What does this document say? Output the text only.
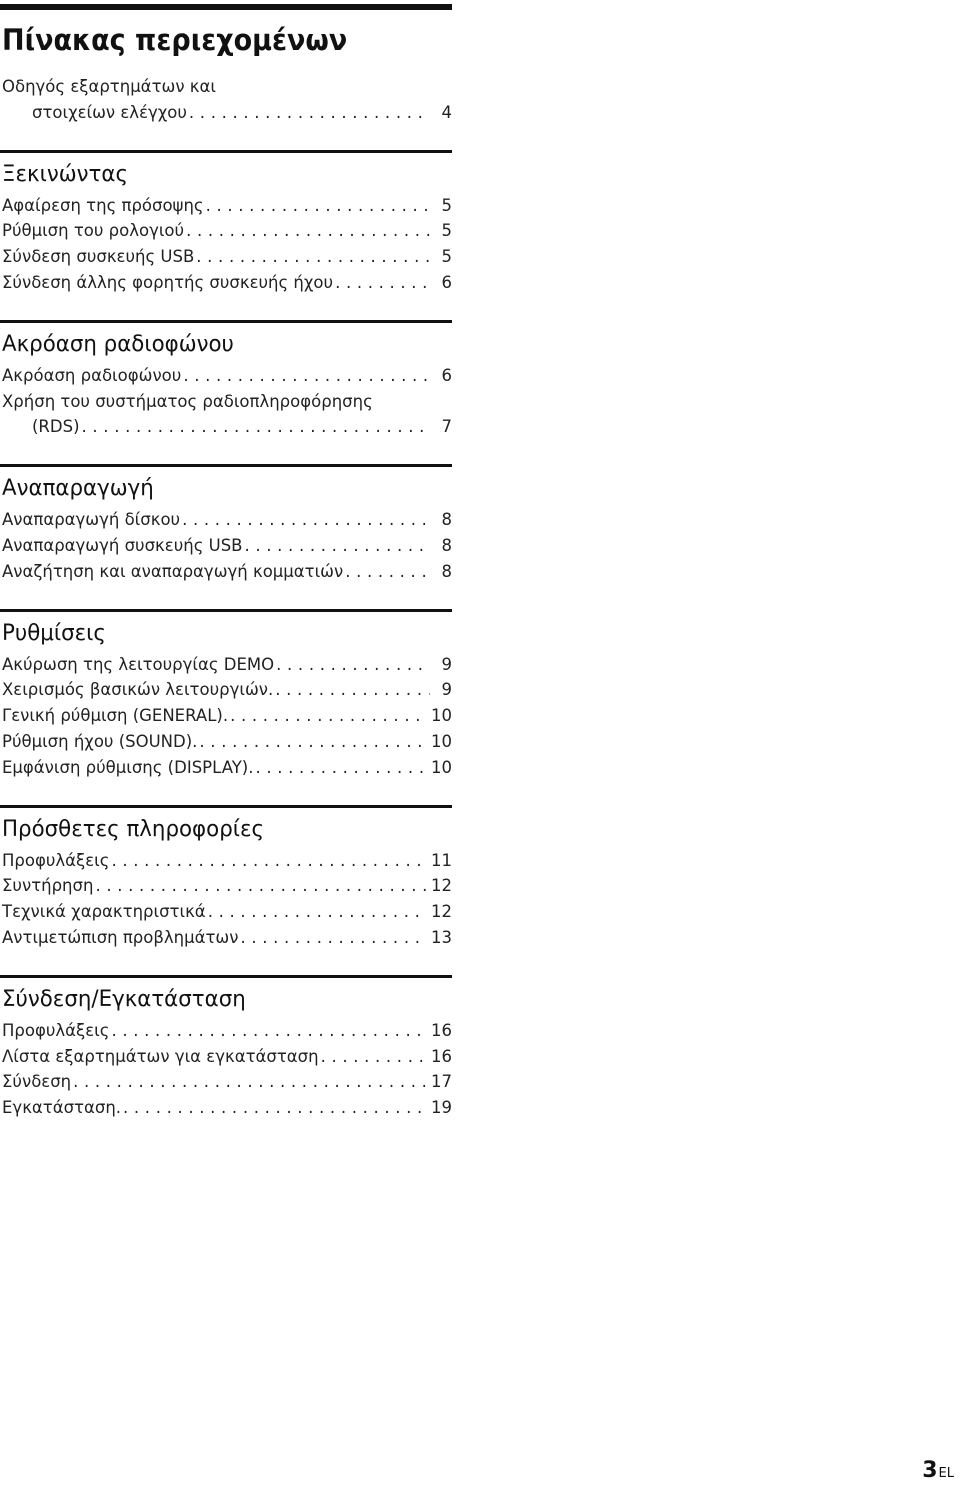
Πίνακας περιεχομένων
Οδηγός εξαρτημάτων και
στοιχείων ελέγχου . . .	4
Ξεκινώντας
Αφαίρεση της πρόσοψης . . .	5
Ρύθμιση του ρολογιού . . .	5
Σύνδεση συσκευής USB . . .	5
Σύνδεση άλλης φορητής συσκευής ήχου . . .	6
Ακρόαση ραδιοφώνου
Ακρόαση ραδιοφώνου . . .	6
Χρήση του συστήματος ραδιοπληροφόρησης
(RDS) . . .	7
Αναπαραγωγή
Αναπαραγωγή δίσκου . . .	8
Αναπαραγωγή συσκευής USB . . .	8
Αναζήτηση και αναπαραγωγή κομματιών . . .	8
Ρυθμίσεις
Ακύρωση της λειτουργίας DEMO . . .	9
Χειρισμός βασικών λειτουργιών. . . .	9
Γενική ρύθμιση (GENERAL). . . .	10
Ρύθμιση ήχου (SOUND). . . .	10
Εμφάνιση ρύθμισης (DISPLAY). . . .	10
Πρόσθετες πληροφορίες
Προφυλάξεις . . .	11
Συντήρηση . . .	12
Τεχνικά χαρακτηριστικά . . .	12
Αντιμετώπιση προβλημάτων . . .	13
Σύνδεση/Εγκατάσταση
Προφυλάξεις . . .	16
Λίστα εξαρτημάτων για εγκατάσταση . . .	16
Σύνδεση . . .	17
Εγκατάσταση. . . .	19
3EL
